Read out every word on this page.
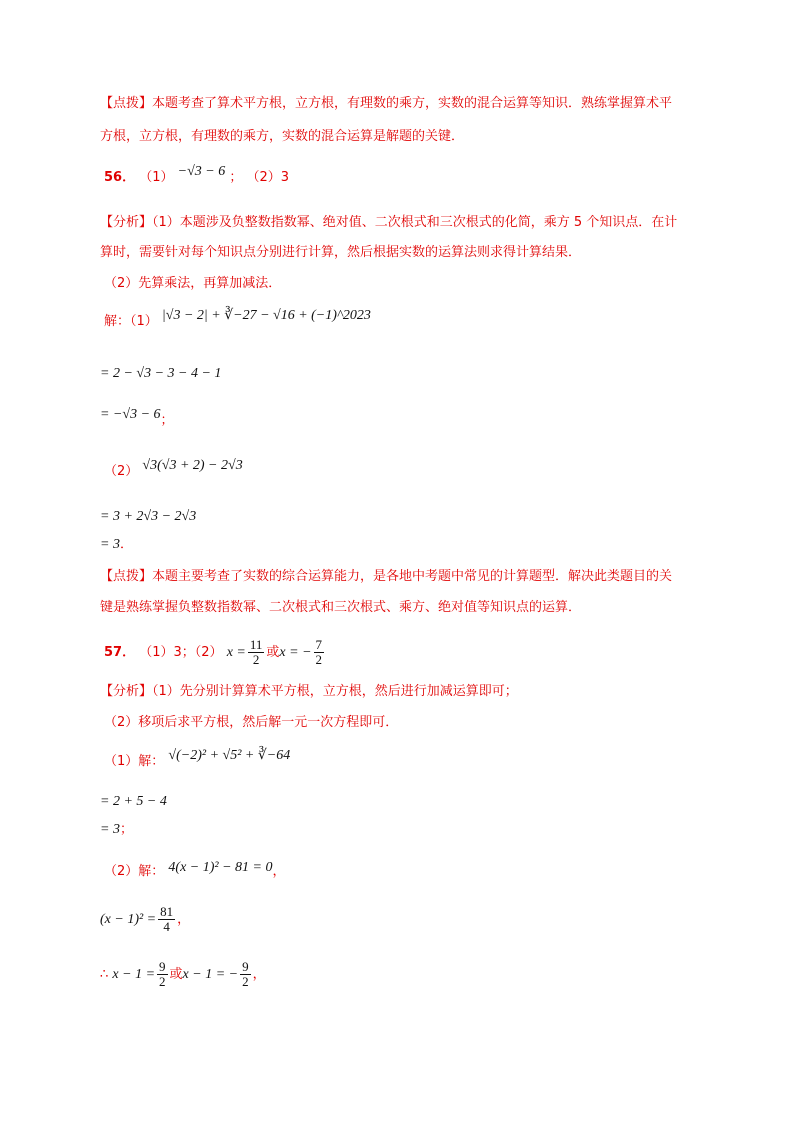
【点拨】本题考查了算术平方根，立方根，有理数的乘方，实数的混合运算等知识．熟练掌握算术平
方根，立方根，有理数的乘方，实数的混合运算是解题的关键．
56． （1） −√3 − 6 ； （2）3
【分析】（1）本题涉及负整数指数幂、绝对值、二次根式和三次根式的化简，乘方 5 个知识点．在计
算时，需要针对每个知识点分别进行计算，然后根据实数的运算法则求得计算结果．
（2）先算乘法，再算加减法．
解：（1） |√3 − 2| + ∛−27 − √16 + (−1)^2023
= 2 − √3 − 3 − 4 − 1
= −√3 − 6；
（2） √3(√3 + 2) − 2√3
= 3 + 2√3 − 2√3
= 3．
【点拨】本题主要考查了实数的综合运算能力，是各地中考题中常见的计算题型．解决此类题目的关
键是熟练掌握负整数指数幂、二次根式和三次根式、乘方、绝对值等知识点的运算．
57． （1）3；（2） $x = \frac{11}{2}$ 或x = − $\frac{7}{2}$
【分析】（1）先分别计算算术平方根，立方根，然后进行加减运算即可；
（2）移项后求平方根，然后解一元一次方程即可．
（1）解： √(−2)² + √5² + ∛−64
= 2 + 5 − 4
= 3；
（2）解： 4(x − 1)² − 81 = 0，
$(x - 1)^2 = \frac{81}{4}$ ，
∴ $x - 1 = \frac{9}{2}$ 或x − 1 = − $\frac{9}{2}$ ，
